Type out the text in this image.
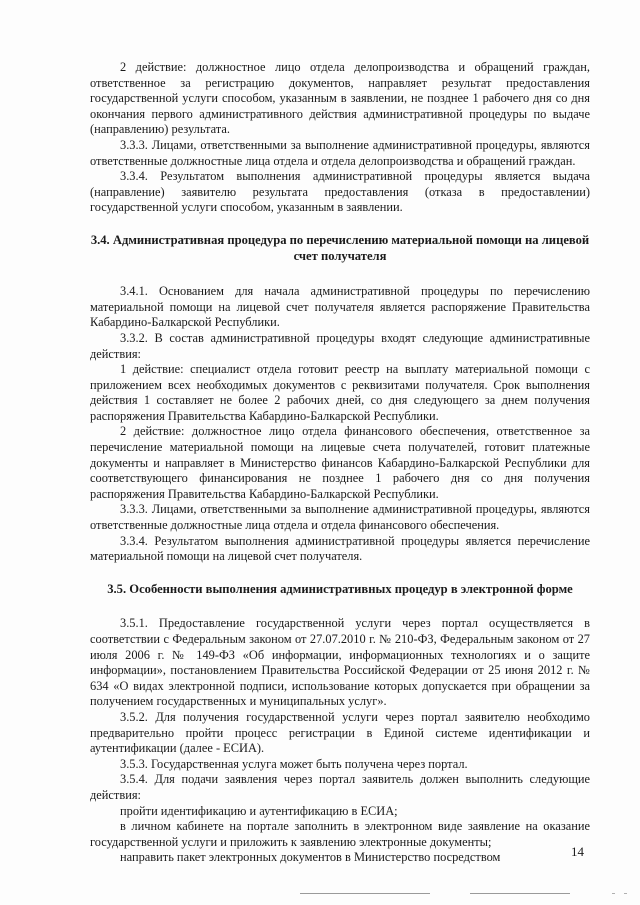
2 действие: должностное лицо отдела делопроизводства и обращений граждан, ответственное за регистрацию документов, направляет результат предоставления государственной услуги способом, указанным в заявлении, не позднее 1 рабочего дня со дня окончания первого административного действия административной процедуры по выдаче (направлению) результата.

3.3.3. Лицами, ответственными за выполнение административной процедуры, являются ответственные должностные лица отдела и отдела делопроизводства и обращений граждан.

3.3.4. Результатом выполнения административной процедуры является выдача (направление) заявителю результата предоставления (отказа в предоставлении) государственной услуги способом, указанным в заявлении.

3.4. Административная процедура по перечислению материальной помощи на лицевой счет получателя

3.4.1. Основанием для начала административной процедуры по перечислению материальной помощи на лицевой счет получателя является распоряжение Правительства Кабардино-Балкарской Республики.

3.3.2. В состав административной процедуры входят следующие административные действия:

1 действие: специалист отдела готовит реестр на выплату материальной помощи с приложением всех необходимых документов с реквизитами получателя. Срок выполнения действия 1 составляет не более 2 рабочих дней, со дня следующего за днем получения распоряжения Правительства Кабардино-Балкарской Республики.

2 действие: должностное лицо отдела финансового обеспечения, ответственное за перечисление материальной помощи на лицевые счета получателей, готовит платежные документы и направляет в Министерство финансов Кабардино-Балкарской Республики для соответствующего финансирования не позднее 1 рабочего дня со дня получения распоряжения Правительства Кабардино-Балкарской Республики.

3.3.3. Лицами, ответственными за выполнение административной процедуры, являются ответственные должностные лица отдела и отдела финансового обеспечения.

3.3.4. Результатом выполнения административной процедуры является перечисление материальной помощи на лицевой счет получателя.

3.5. Особенности выполнения административных процедур в электронной форме

3.5.1. Предоставление государственной услуги через портал осуществляется в соответствии с Федеральным законом от 27.07.2010 г. № 210-ФЗ, Федеральным законом от 27 июля 2006 г. № 149-ФЗ «Об информации, информационных технологиях и о защите информации», постановлением Правительства Российской Федерации от 25 июня 2012 г. № 634 «О видах электронной подписи, использование которых допускается при обращении за получением государственных и муниципальных услуг».

3.5.2. Для получения государственной услуги через портал заявителю необходимо предварительно пройти процесс регистрации в Единой системе идентификации и аутентификации (далее - ЕСИА).

3.5.3. Государственная услуга может быть получена через портал.

3.5.4. Для подачи заявления через портал заявитель должен выполнить следующие действия:

пройти идентификацию и аутентификацию в ЕСИА;

в личном кабинете на портале заполнить в электронном виде заявление на оказание государственной услуги и приложить к заявлению электронные документы;

направить пакет электронных документов в Министерство посредством	14
